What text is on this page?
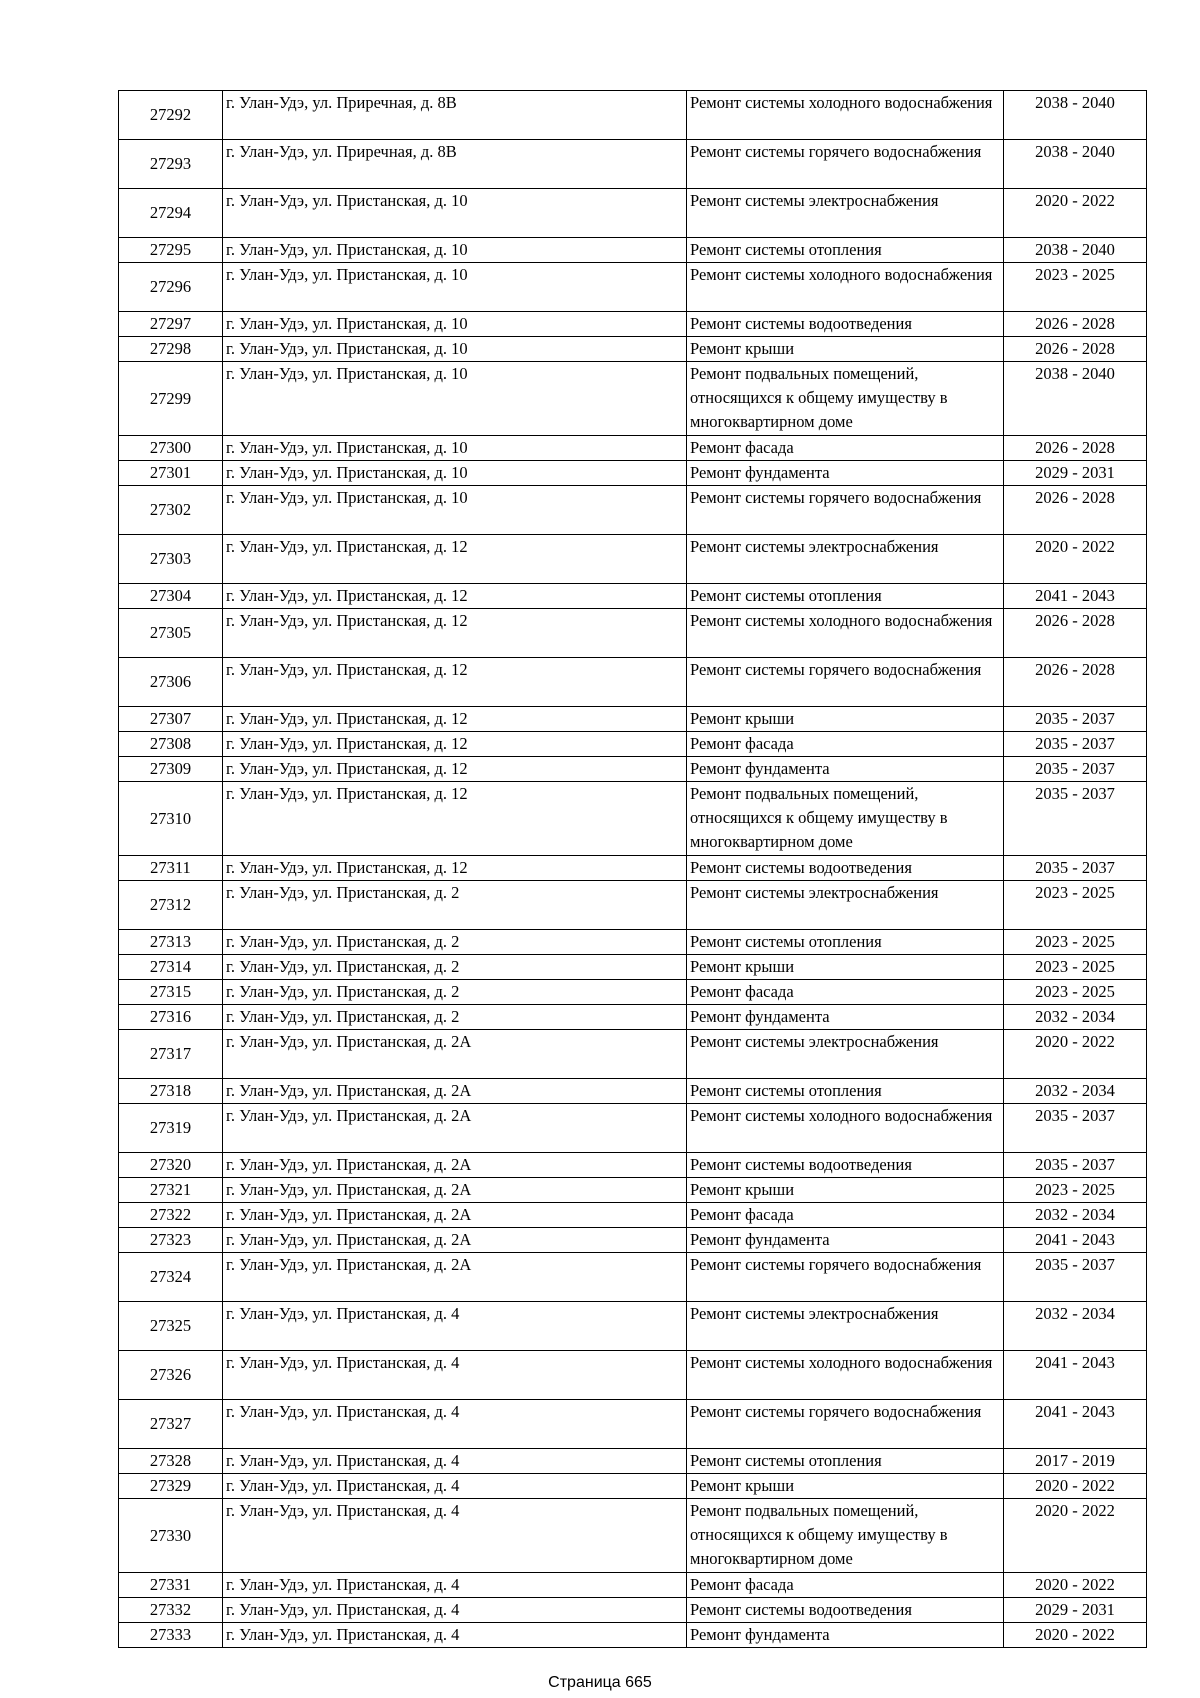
27292	г. Улан-Удэ, ул. Приречная, д. 8В	Ремонт системы холодного водоснабжения	2038 - 2040
27293	г. Улан-Удэ, ул. Приречная, д. 8В	Ремонт системы горячего водоснабжения	2038 - 2040
27294	г. Улан-Удэ, ул. Пристанская, д. 10	Ремонт системы электроснабжения	2020 - 2022
27295	г. Улан-Удэ, ул. Пристанская, д. 10	Ремонт системы отопления	2038 - 2040
27296	г. Улан-Удэ, ул. Пристанская, д. 10	Ремонт системы холодного водоснабжения	2023 - 2025
27297	г. Улан-Удэ, ул. Пристанская, д. 10	Ремонт системы водоотведения	2026 - 2028
27298	г. Улан-Удэ, ул. Пристанская, д. 10	Ремонт крыши	2026 - 2028
27299	г. Улан-Удэ, ул. Пристанская, д. 10	Ремонт подвальных помещений, относящихся к общему имуществу в многоквартирном доме	2038 - 2040
27300	г. Улан-Удэ, ул. Пристанская, д. 10	Ремонт фасада	2026 - 2028
27301	г. Улан-Удэ, ул. Пристанская, д. 10	Ремонт фундамента	2029 - 2031
27302	г. Улан-Удэ, ул. Пристанская, д. 10	Ремонт системы горячего водоснабжения	2026 - 2028
27303	г. Улан-Удэ, ул. Пристанская, д. 12	Ремонт системы электроснабжения	2020 - 2022
27304	г. Улан-Удэ, ул. Пристанская, д. 12	Ремонт системы отопления	2041 - 2043
27305	г. Улан-Удэ, ул. Пристанская, д. 12	Ремонт системы холодного водоснабжения	2026 - 2028
27306	г. Улан-Удэ, ул. Пристанская, д. 12	Ремонт системы горячего водоснабжения	2026 - 2028
27307	г. Улан-Удэ, ул. Пристанская, д. 12	Ремонт крыши	2035 - 2037
27308	г. Улан-Удэ, ул. Пристанская, д. 12	Ремонт фасада	2035 - 2037
27309	г. Улан-Удэ, ул. Пристанская, д. 12	Ремонт фундамента	2035 - 2037
27310	г. Улан-Удэ, ул. Пристанская, д. 12	Ремонт подвальных помещений, относящихся к общему имуществу в многоквартирном доме	2035 - 2037
27311	г. Улан-Удэ, ул. Пристанская, д. 12	Ремонт системы водоотведения	2035 - 2037
27312	г. Улан-Удэ, ул. Пристанская, д. 2	Ремонт системы электроснабжения	2023 - 2025
27313	г. Улан-Удэ, ул. Пристанская, д. 2	Ремонт системы отопления	2023 - 2025
27314	г. Улан-Удэ, ул. Пристанская, д. 2	Ремонт крыши	2023 - 2025
27315	г. Улан-Удэ, ул. Пристанская, д. 2	Ремонт фасада	2023 - 2025
27316	г. Улан-Удэ, ул. Пристанская, д. 2	Ремонт фундамента	2032 - 2034
27317	г. Улан-Удэ, ул. Пристанская, д. 2А	Ремонт системы электроснабжения	2020 - 2022
27318	г. Улан-Удэ, ул. Пристанская, д. 2А	Ремонт системы отопления	2032 - 2034
27319	г. Улан-Удэ, ул. Пристанская, д. 2А	Ремонт системы холодного водоснабжения	2035 - 2037
27320	г. Улан-Удэ, ул. Пристанская, д. 2А	Ремонт системы водоотведения	2035 - 2037
27321	г. Улан-Удэ, ул. Пристанская, д. 2А	Ремонт крыши	2023 - 2025
27322	г. Улан-Удэ, ул. Пристанская, д. 2А	Ремонт фасада	2032 - 2034
27323	г. Улан-Удэ, ул. Пристанская, д. 2А	Ремонт фундамента	2041 - 2043
27324	г. Улан-Удэ, ул. Пристанская, д. 2А	Ремонт системы горячего водоснабжения	2035 - 2037
27325	г. Улан-Удэ, ул. Пристанская, д. 4	Ремонт системы электроснабжения	2032 - 2034
27326	г. Улан-Удэ, ул. Пристанская, д. 4	Ремонт системы холодного водоснабжения	2041 - 2043
27327	г. Улан-Удэ, ул. Пристанская, д. 4	Ремонт системы горячего водоснабжения	2041 - 2043
27328	г. Улан-Удэ, ул. Пристанская, д. 4	Ремонт системы отопления	2017 - 2019
27329	г. Улан-Удэ, ул. Пристанская, д. 4	Ремонт крыши	2020 - 2022
27330	г. Улан-Удэ, ул. Пристанская, д. 4	Ремонт подвальных помещений, относящихся к общему имуществу в многоквартирном доме	2020 - 2022
27331	г. Улан-Удэ, ул. Пристанская, д. 4	Ремонт фасада	2020 - 2022
27332	г. Улан-Удэ, ул. Пристанская, д. 4	Ремонт системы водоотведения	2029 - 2031
27333	г. Улан-Удэ, ул. Пристанская, д. 4	Ремонт фундамента	2020 - 2022
Страница 665
